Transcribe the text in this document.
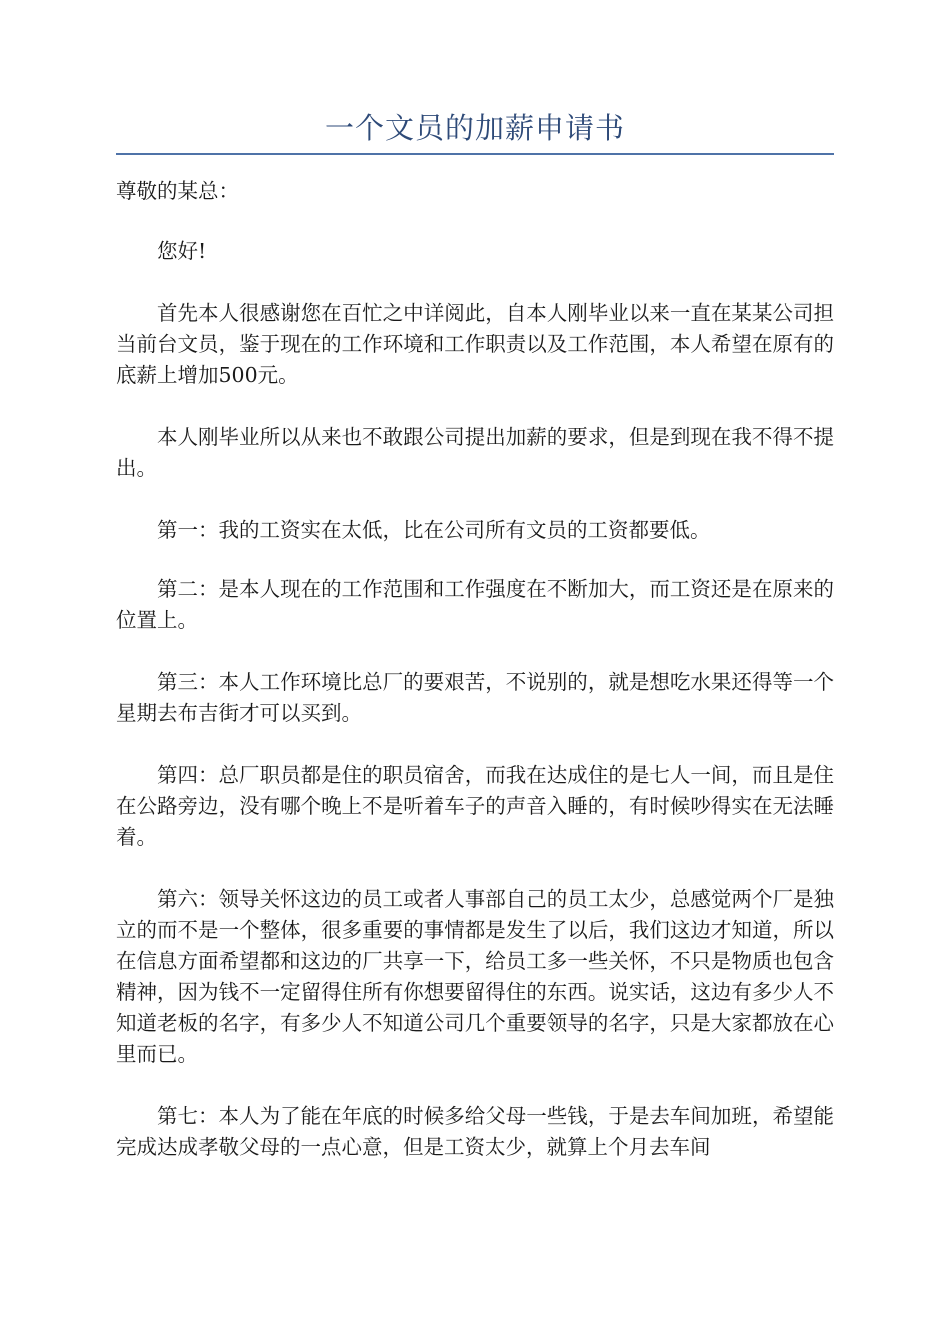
一个文员的加薪申请书

尊敬的某总：

您好!

首先本人很感谢您在百忙之中详阅此，自本人刚毕业以来一直在某某公司担当前台文员，鉴于现在的工作环境和工作职责以及工作范围，本人希望在原有的底薪上增加500元。

本人刚毕业所以从来也不敢跟公司提出加薪的要求，但是到现在我不得不提出。

第一：我的工资实在太低，比在公司所有文员的工资都要低。

第二：是本人现在的工作范围和工作强度在不断加大，而工资还是在原来的位置上。

第三：本人工作环境比总厂的要艰苦，不说别的，就是想吃水果还得等一个星期去布吉街才可以买到。

第四：总厂职员都是住的职员宿舍，而我在达成住的是七人一间，而且是住在公路旁边，没有哪个晚上不是听着车子的声音入睡的，有时候吵得实在无法睡着。

第六：领导关怀这边的员工或者人事部自己的员工太少，总感觉两个厂是独立的而不是一个整体，很多重要的事情都是发生了以后，我们这边才知道，所以在信息方面希望都和这边的厂共享一下，给员工多一些关怀，不只是物质也包含精神，因为钱不一定留得住所有你想要留得住的东西。说实话，这边有多少人不知道老板的名字，有多少人不知道公司几个重要领导的名字，只是大家都放在心里而已。

第七：本人为了能在年底的时候多给父母一些钱，于是去车间加班，希望能完成达成孝敬父母的一点心意，但是工资太少，就算上个月去车间
